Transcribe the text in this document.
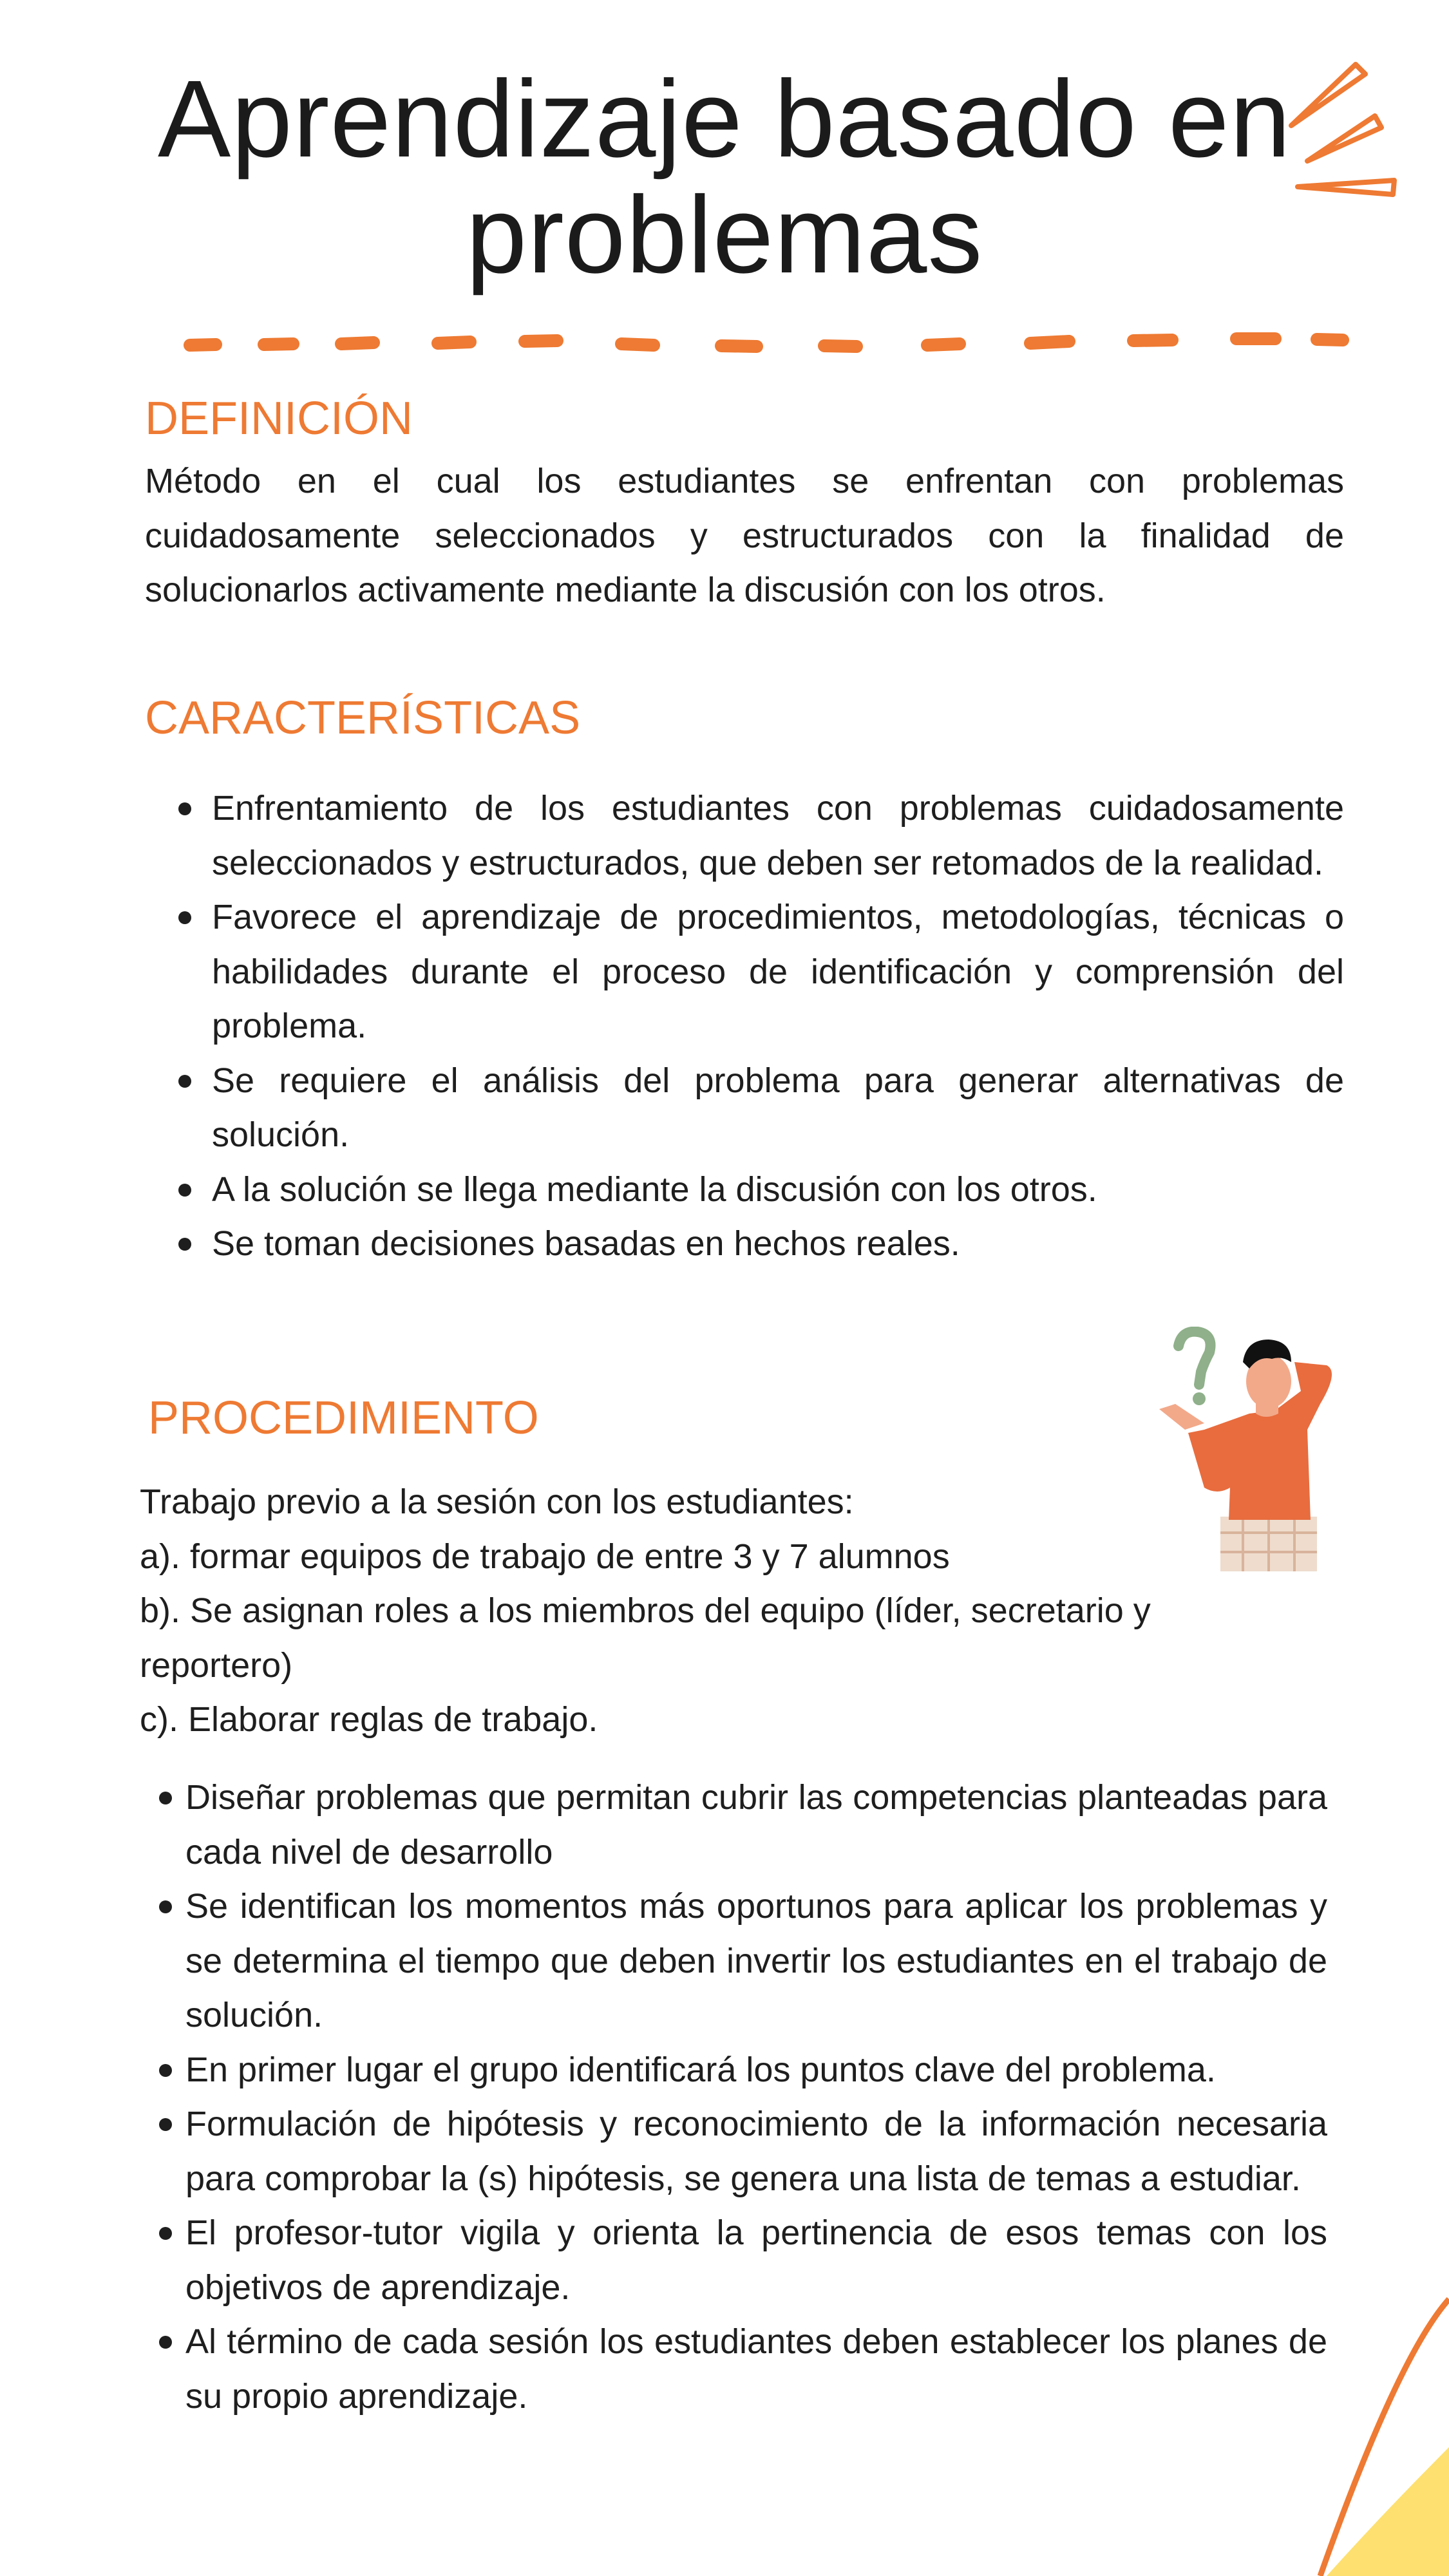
Aprendizaje basado en
problemas
DEFINICIÓN
Método en el cual los estudiantes se enfrentan con problemas cuidadosamente seleccionados y estructurados con la finalidad de solucionarlos activamente mediante la discusión con los otros.
CARACTERÍSTICAS
Enfrentamiento de los estudiantes con problemas cuidadosamente seleccionados y estructurados, que deben ser retomados de la realidad.
Favorece el aprendizaje de procedimientos, metodologías, técnicas o habilidades durante el proceso de identificación y comprensión del problema.
Se requiere el análisis del problema para generar alternativas de solución.
A la solución se llega mediante la discusión con los otros.
Se toman decisiones basadas en hechos reales.
PROCEDIMIENTO
Trabajo previo a la sesión con los estudiantes:
a). formar equipos de trabajo de entre 3 y 7 alumnos
b). Se asignan roles a los miembros del equipo (líder, secretario y reportero)
c). Elaborar reglas de trabajo.
Diseñar problemas que permitan cubrir las competencias planteadas para cada nivel de desarrollo
Se identifican los momentos más oportunos para aplicar los problemas y se determina el tiempo que deben invertir los estudiantes en el trabajo de solución.
En primer lugar el grupo identificará los puntos clave del problema.
Formulación de hipótesis y reconocimiento de la información necesaria para comprobar la (s) hipótesis, se genera una lista de temas a estudiar.
El profesor-tutor vigila y orienta la pertinencia de esos temas con los objetivos de aprendizaje.
Al término de cada sesión los estudiantes deben establecer los planes de su propio aprendizaje.
